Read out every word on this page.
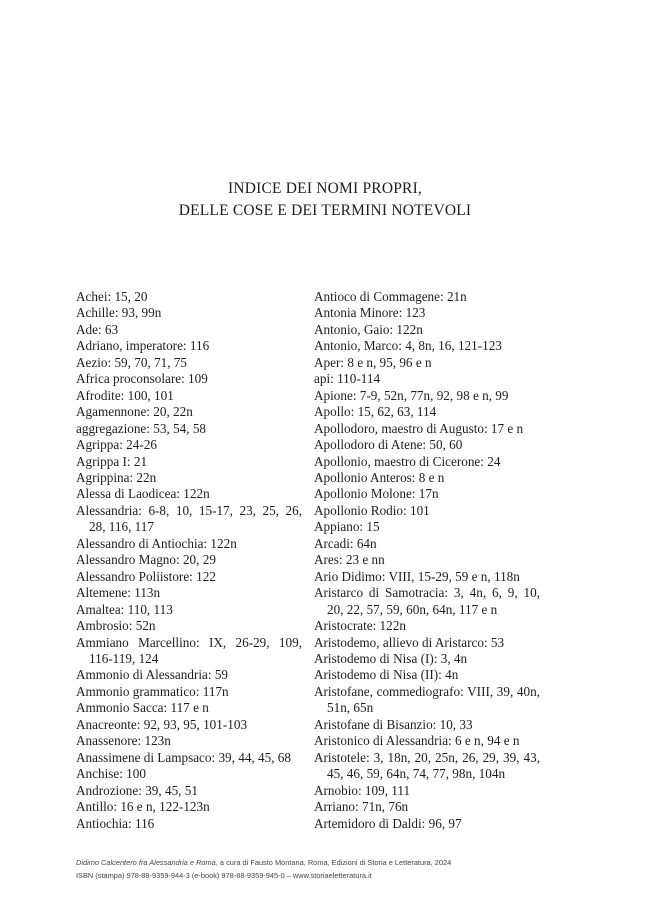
INDICE DEI NOMI PROPRI,
DELLE COSE E DEI TERMINI NOTEVOLI
Achei: 15, 20
Achille: 93, 99n
Ade: 63
Adriano, imperatore: 116
Aezio: 59, 70, 71, 75
Africa proconsolare: 109
Afrodite: 100, 101
Agamennone: 20, 22n
aggregazione: 53, 54, 58
Agrippa: 24-26
Agrippa I: 21
Agrippina: 22n
Alessa di Laodicea: 122n
Alessandria: 6-8, 10, 15-17, 23, 25, 26, 28, 116, 117
Alessandro di Antiochia: 122n
Alessandro Magno: 20, 29
Alessandro Poliistore: 122
Altemene: 113n
Amaltea: 110, 113
Ambrosio: 52n
Ammiano Marcellino: IX, 26-29, 109, 116-119, 124
Ammonio di Alessandria: 59
Ammonio grammatico: 117n
Ammonio Sacca: 117 e n
Anacreonte: 92, 93, 95, 101-103
Anassenore: 123n
Anassimene di Lampsaco: 39, 44, 45, 68
Anchise: 100
Androzione: 39, 45, 51
Antillo: 16 e n, 122-123n
Antiochia: 116
Antioco di Commagene: 21n
Antonia Minore: 123
Antonio, Gaio: 122n
Antonio, Marco: 4, 8n, 16, 121-123
Aper: 8 e n, 95, 96 e n
api: 110-114
Apione: 7-9, 52n, 77n, 92, 98 e n, 99
Apollo: 15, 62, 63, 114
Apollodoro, maestro di Augusto: 17 e n
Apollodoro di Atene: 50, 60
Apollonio, maestro di Cicerone: 24
Apollonio Anteros: 8 e n
Apollonio Molone: 17n
Apollonio Rodio: 101
Appiano: 15
Arcadi: 64n
Ares: 23 e nn
Ario Didimo: VIII, 15-29, 59 e n, 118n
Aristarco di Samotracia: 3, 4n, 6, 9, 10, 20, 22, 57, 59, 60n, 64n, 117 e n
Aristocrate: 122n
Aristodemo, allievo di Aristarco: 53
Aristodemo di Nisa (I): 3, 4n
Aristodemo di Nisa (II): 4n
Aristofane, commediografo: VIII, 39, 40n, 51n, 65n
Aristofane di Bisanzio: 10, 33
Aristonico di Alessandria: 6 e n, 94 e n
Aristotele: 3, 18n, 20, 25n, 26, 29, 39, 43, 45, 46, 59, 64n, 74, 77, 98n, 104n
Arnobio: 109, 111
Arriano: 71n, 76n
Artemidoro di Daldi: 96, 97
Didimo Calcentero fra Alessandria e Roma, a cura di Fausto Montana, Roma, Edizioni di Storia e Letteratura, 2024
ISBN (stampa) 978-88-9359-944-3 (e-book) 978-88-9359-945-0 – www.storiaeletteratura.it
